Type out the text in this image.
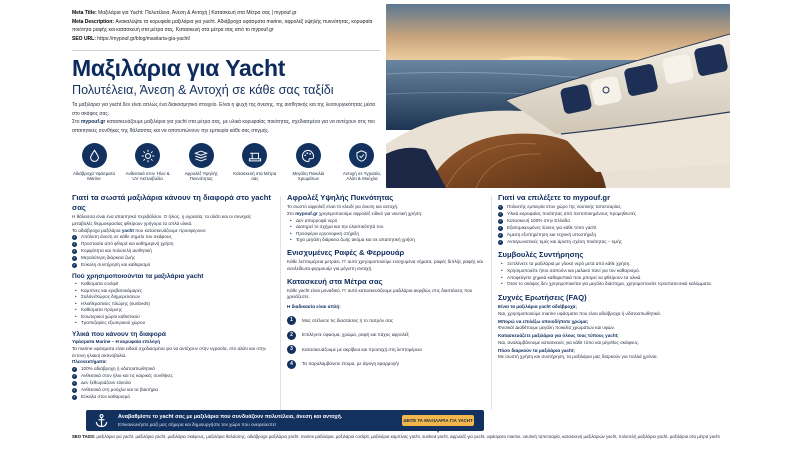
Meta Title: Μαξιλάρια για Yacht: Πολυτέλεια, Άνεση & Αντοχή | Κατασκευή στα Μέτρα σας | mypouf.gr
Meta Description: Ανακαλύψτε τα κορυφαία μαξιλάρια για yacht. Αδιάβροχα υφάσματα marine, αφρολέξ υψηλής πυκνότητας, κορυφαία ποιότητα ραφής και κατασκευή στα μέτρα σας. Κατασκευή στα μέτρα σας από το mypouf.gr
SEO URL: https://mypouf.gr/blog/maxilaria-gia-yacht/
Μαξιλάρια για Yacht
Πολυτέλεια, Άνεση & Αντοχή σε κάθε σας ταξίδι

Τα μαξιλάρια για yacht δεν είναι απλώς ένα διακοσμητικό στοιχείο. Είναι η ψυχή της άνεσης, της αισθητικής και της λειτουργικότητας μέσα στο σκάφος σας.

Στο mypouf.gr κατασκευάζουμε μαξιλάρια για yacht στα μέτρα σας, με υλικά κορυφαίας ποιότητας, σχεδιασμένα για να αντέχουν στις πιο απαιτητικές συνθήκες της θάλασσας και να αποτυπώνουν την εμπειρία κάθε σας στιγμής.

Αδιάβροχα Υφάσματα Marine
Ανθεκτικά στον Ήλιο & UV Ακτινοβολία
Αφρολέξ Υψηλής Πυκνότητας
Κατασκευή στα Μέτρα σας
Μεγάλη Ποικιλία Χρωμάτων
Αντοχή σε Υγρασία, Αλάτι & Μούχλα
Γιατί τα σωστά μαξιλάρια κάνουν τη διαφορά στο yacht σας

Η θάλασσα είναι ένα απαιτητικό περιβάλλον. Ο ήλιος, η υγρασία, το αλάτι και οι συνεχείς μεταβολές θερμοκρασίας φθείρουν γρήγορα τα απλά υλικά.

Τα αδιάβροχα μαξιλάρια yacht που κατασκευάζουμε προσφέρουν:

✓ Απόλυτη άνεση σε κάθε σημείο του σκάφους
✓ Προστασία από φθορά και καθημερινή χρήση
✓ Κομψότητα και πολυτελή αισθητική
✓ Μεγαλύτερη διάρκεια ζωής
✓ Εύκολη συντήρηση και καθαρισμό
Πού χρησιμοποιούνται τα μαξιλάρια yacht
• Καθίσματα cockpit
• Καμπίνες και κρεβατοκάμαρες
• Σαλόνι/Χώρος διημερεύσεων
• Ηλιοθεραπείες πλώρης (sunbeds)
• Καθίσματα πρύμνης
• Εσωτερικοί χώροι καθιστικού
• Τραπεζαρίες εξωτερικού χώρου
Υλικά που κάνουν τη διαφορά
Υφάσματα Marine – Η κορυφαία επιλογή

Τα marine υφάσματα είναι ειδικά σχεδιασμένα για να αντέχουν στην υγρασία, στο αλάτι και στην έντονη ηλιακή ακτινοβολία.

Πλεονεκτήματα:
✓ 100% αδιάβροχη ή υδατοαπωθητικά
✓ Ανθεκτικά στον ήλιο και τις καιρικές συνθήκες
✓ Δεν ξεθωριάζουν εύκολα
✓ Ανθεκτικά στη μούχλα και τα βακτήρια
✓ Εύκολα στον καθαρισμό
Αφρολέξ Υψηλής Πυκνότητας

Το σωστό αφρολέξ είναι το κλειδί για άνεση και αντοχή.

Στο mypouf.gr χρησιμοποιούμε αφρολέξ ειδικό για ναυτική χρήση:

• Δεν απορροφά νερό
• Διατηρεί το σχήμα και την ελαστικότητά του
• Προσφέρει εργονομική στήριξη
• Έχει μεγάλη διάρκεια ζωής ακόμα και σε απαιτητική χρήση
Ενισχυμένες Ραφές & Φερμουάρ

Κάθε λεπτομέρεια μετράει. Γι' αυτό χρησιμοποιούμε ενισχυμένα νήματα, ραφές διπλής ραφής και ανοξείδωτα φερμουάρ για μέγιστη αντοχή.

Κατασκευή στα Μέτρα σας

Κάθε yacht είναι μοναδικό. Γι' αυτό κατασκευάζουμε μαξιλάρια ακριβώς στις διαστάσεις που χρειάζεστε.

Η διαδικασία είναι απλή:
1	Μας στέλνετε τις διαστάσεις ή το πατρόν σας
2	Επιλέγετε ύφασμα, χρώμα, ραφή και πάχος αφρολέξ
3	Κατασκευάζουμε με ακρίβεια και προσοχή στη λεπτομέρεια
4	Τα παραλαμβάνετε έτοιμα, με άψογη εφαρμογή!
Γιατί να επιλέξετε το mypouf.gr
✓ Πολυετής εμπειρία στον χώρο της ναυτικής ταπετσαρίας
✓ Υλικά κορυφαίας ποιότητας από πιστοποιημένους προμηθευτές
✓ Κατασκευή 100% στην Ελλάδα
✓ Εξατομικευμένες λύσεις για κάθε τύπο yacht
✓ Άμεση εξυπηρέτηση και τεχνική υποστήριξη
✓ Ανταγωνιστικές τιμές και άριστη σχέση ποιότητας – τιμής
Συμβουλές Συντήρησης
• Ξεπλένετε τα μαξιλάρια με γλυκό νερό μετά από κάθε χρήση.
• Χρησιμοποιείτε ήπιο σαπούνι και μαλακό πανί για τον καθαρισμό.
• Αποφεύγετε χημικά καθαριστικά που μπορεί να φθείρουν τα υλικά.
• Όταν το σκάφος δεν χρησιμοποιείται για μεγάλο διάστημα, χρησιμοποιείτε προστατευτικά καλύμματα.
Συχνές Ερωτήσεις (FAQ)
Είναι τα μαξιλάρια yacht αδιάβροχα;
Ναι, χρησιμοποιούμε marine υφάσματα που είναι αδιάβροχα ή υδατοαπωθητικά.
Μπορώ να επιλέξω οποιοδήποτε χρώμα;
Φυσικά! Διαθέτουμε μεγάλη ποικιλία χρωμάτων και υφών.
Κατασκευάζετε μαξιλάρια για όλους τους τύπους yacht;
Ναι, αναλαμβάνουμε κατασκευές για κάθε τύπο και μέγεθος σκάφους.
Πόσο διαρκούν τα μαξιλάρια yacht;
Με σωστή χρήση και συντήρηση, τα μαξιλάρια μας διαρκούν για πολλά χρόνια.
Αναβαθμίστε το yacht σας με μαξιλάρια που συνδυάζουν πολυτέλεια, άνεση και αντοχή.
Επικοινωνήστε μαζί μας σήμερα και δημιουργήστε τον χώρο που ονειρεύεστε!
ΔΕΙΤΕ ΤΑ ΜΑΞΙΛΑΡΙΑ ΓΙΑ YACHT »
SEO TAGS: μαξιλάρια για yacht, μαξιλάρια yacht, μαξιλάρια σκάφους, μαξιλάρια θαλάσσης, αδιάβροχα μαξιλάρια yacht, marine μαξιλάρια, μαξιλάρια cockpit, μαξιλάρια καμπίνας yacht, sunbed yacht, αφρολέξ για yacht, υφάσματα marine, ναυτική ταπετσαρία, κατασκευή μαξιλαριών yacht, πολυτελή μαξιλάρια yacht, μαξιλάρια στα μέτρα yacht
